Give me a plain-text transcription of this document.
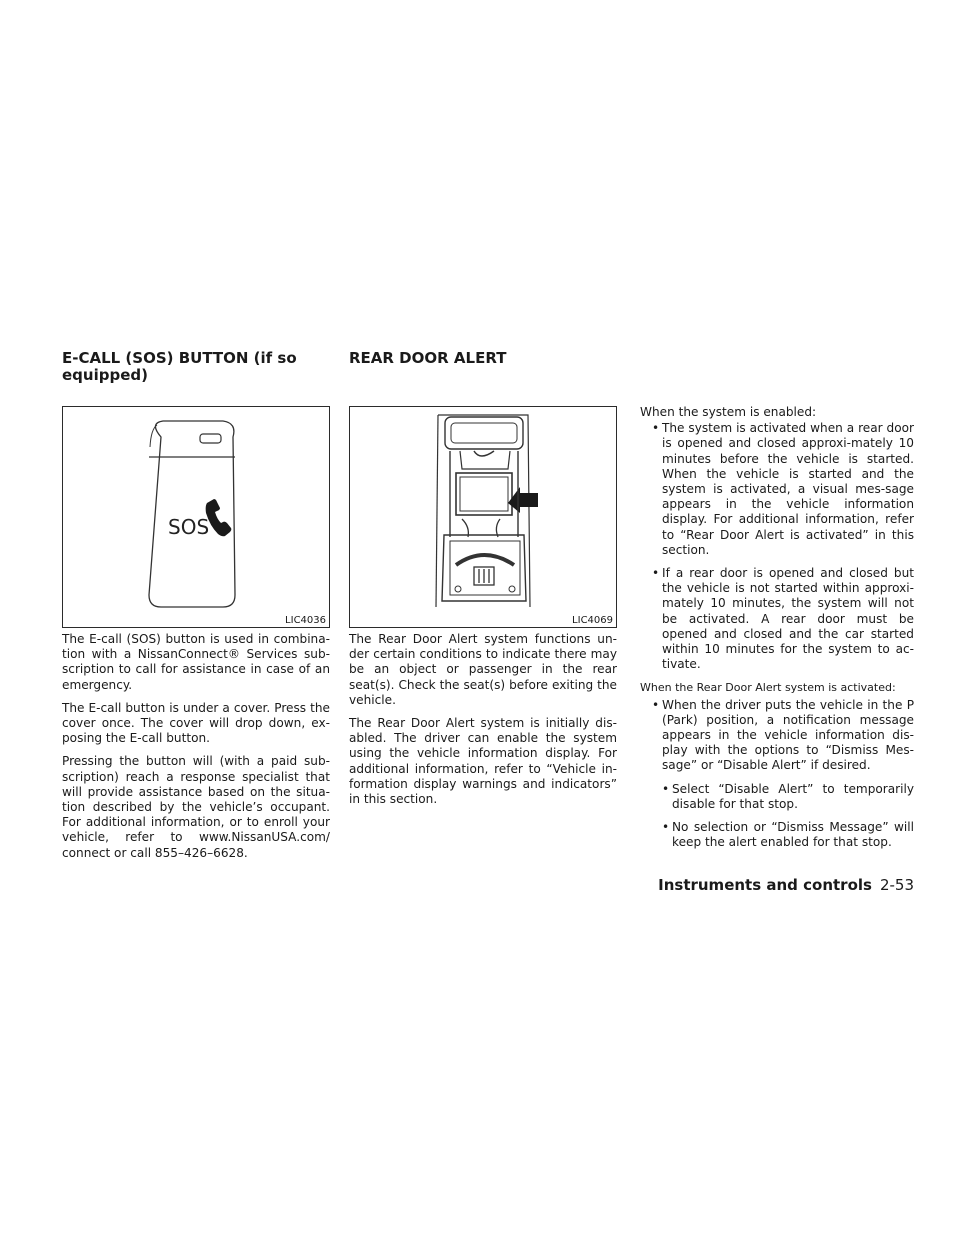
E-CALL (SOS) BUTTON (if so equipped)
REAR DOOR ALERT
SOS
LIC4036	LIC4069

The E-call (SOS) button is used in combina-tion with a NissanConnect® Services sub-scription to call for assistance in case of an emergency.

The E-call button is under a cover. Press the cover once. The cover will drop down, ex-posing the E-call button.

Pressing the button will (with a paid sub-scription) reach a response specialist that will provide assistance based on the situa-tion described by the vehicle’s occupant. For additional information, or to enroll your vehicle, refer to www.NissanUSA.com/ connect or call 855–426–6628.

The Rear Door Alert system functions un-der certain conditions to indicate there may be an object or passenger in the rear seat(s). Check the seat(s) before exiting the vehicle.

The Rear Door Alert system is initially dis-abled. The driver can enable the system using the vehicle information display. For additional information, refer to “Vehicle in-formation display warnings and indicators” in this section.

When the system is enabled:

• The system is activated when a rear door is opened and closed approxi-mately 10 minutes before the vehicle is started. When the vehicle is started and the system is activated, a visual mes-sage appears in the vehicle information display. For additional information, refer to “Rear Door Alert is activated” in this section.
• If a rear door is opened and closed but the vehicle is not started within approxi-mately 10 minutes, the system will not be activated. A rear door must be opened and closed and the car started within 10 minutes for the system to ac-tivate.

When the Rear Door Alert system is activated:

• When the driver puts the vehicle in the P (Park) position, a notification message appears in the vehicle information dis-play with the options to “Dismiss Mes-sage” or “Disable Alert” if desired.
• Select “Disable Alert” to temporarily disable for that stop.
• No selection or “Dismiss Message” will keep the alert enabled for that stop.
Instruments and controls 2-53
